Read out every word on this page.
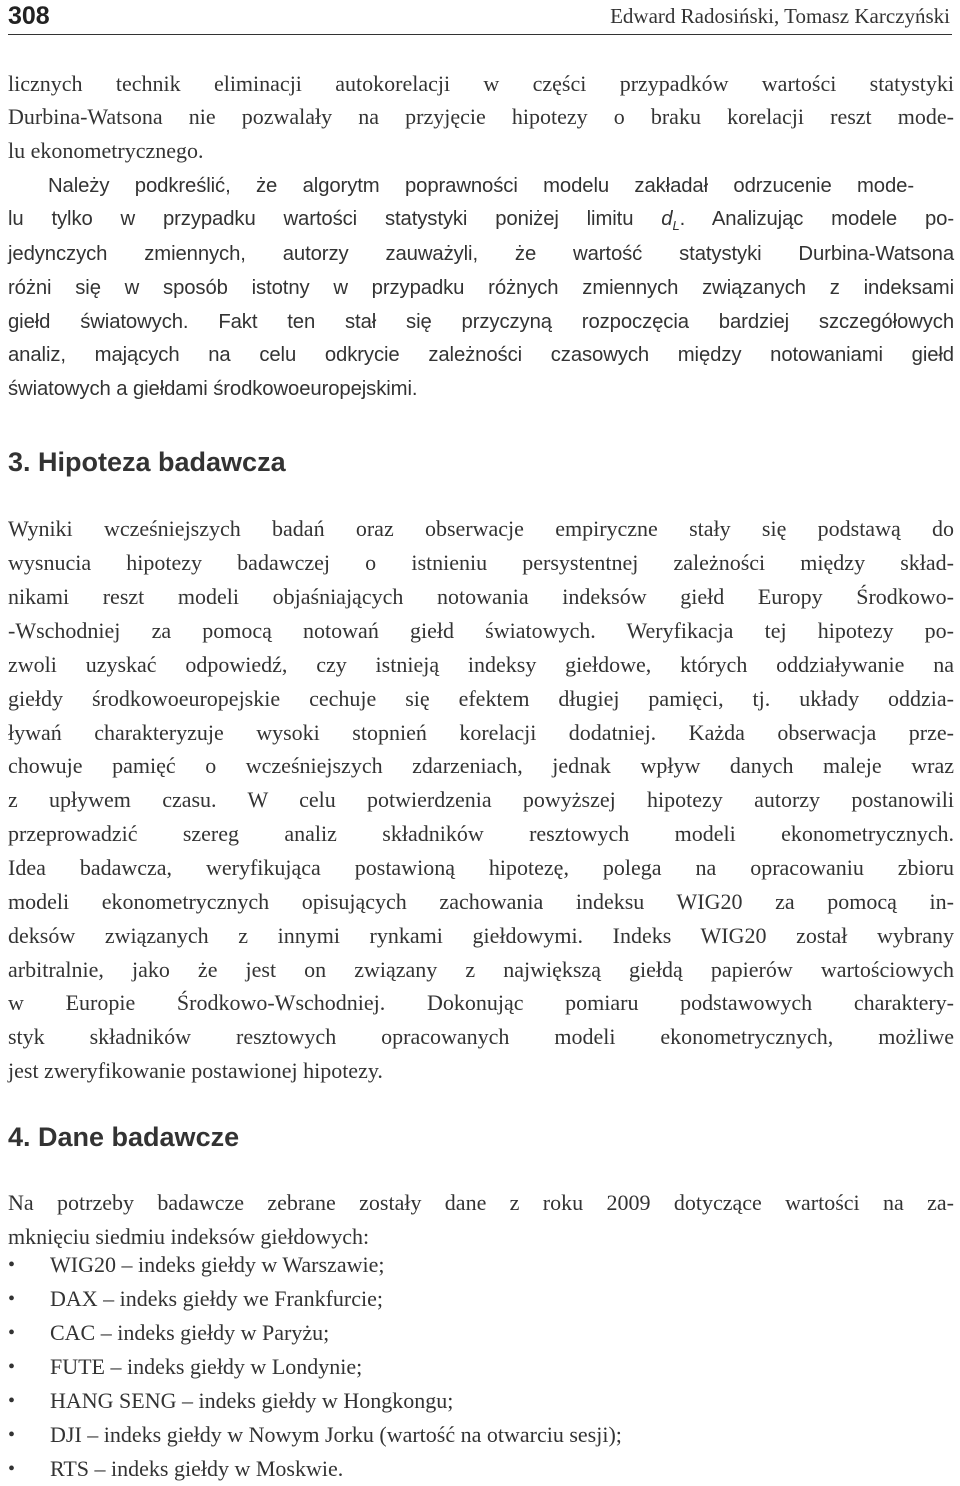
308	Edward Radosiński, Tomasz Karczyński

licznych technik eliminacji autokorelacji w części przypadków wartości statystyki

Durbina-Watsona nie pozwalały na przyjęcie hipotezy o braku korelacji reszt mode-

lu ekonometrycznego.

Należy podkreślić, że algorytm poprawności modelu zakładał odrzucenie mode-

lu tylko w przypadku wartości statystyki poniżej limitu $d_L$. Analizując modele po-

jedynczych zmiennych, autorzy zauważyli, że wartość statystyki Durbina-Watsona

różni się w sposób istotny w przypadku różnych zmiennych związanych z indeksami

giełd światowych. Fakt ten stał się przyczyną rozpoczęcia bardziej szczegółowych

analiz, mających na celu odkrycie zależności czasowych między notowaniami giełd

światowych a giełdami środkowoeuropejskimi.

3. Hipoteza badawcza

Wyniki wcześniejszych badań oraz obserwacje empiryczne stały się podstawą do

wysnucia hipotezy badawczej o istnieniu persystentnej zależności między skład-

nikami reszt modeli objaśniających notowania indeksów giełd Europy Środkowo-

-Wschodniej za pomocą notowań giełd światowych. Weryfikacja tej hipotezy po-

zwoli uzyskać odpowiedź, czy istnieją indeksy giełdowe, których oddziaływanie na

giełdy środkowoeuropejskie cechuje się efektem długiej pamięci, tj. układy oddzia-

ływań charakteryzuje wysoki stopnień korelacji dodatniej. Każda obserwacja prze-

chowuje pamięć o wcześniejszych zdarzeniach, jednak wpływ danych maleje wraz

z upływem czasu. W celu potwierdzenia powyższej hipotezy autorzy postanowili

przeprowadzić szereg analiz składników resztowych modeli ekonometrycznych.

Idea badawcza, weryfikująca postawioną hipotezę, polega na opracowaniu zbioru

modeli ekonometrycznych opisujących zachowania indeksu WIG20 za pomocą in-

deksów związanych z innymi rynkami giełdowymi. Indeks WIG20 został wybrany

arbitralnie, jako że jest on związany z największą giełdą papierów wartościowych

w Europie Środkowo-Wschodniej. Dokonując pomiaru podstawowych charaktery-

styk składników resztowych opracowanych modeli ekonometrycznych, możliwe

jest zweryfikowanie postawionej hipotezy.

4. Dane badawcze

Na potrzeby badawcze zebrane zostały dane z roku 2009 dotyczące wartości na za-

mknięciu siedmiu indeksów giełdowych:

• WIG20 – indeks giełdy w Warszawie;
• DAX – indeks giełdy we Frankfurcie;
• CAC – indeks giełdy w Paryżu;
• FUTE – indeks giełdy w Londynie;
• HANG SENG – indeks giełdy w Hongkongu;
• DJI – indeks giełdy w Nowym Jorku (wartość na otwarciu sesji);
• RTS – indeks giełdy w Moskwie.
